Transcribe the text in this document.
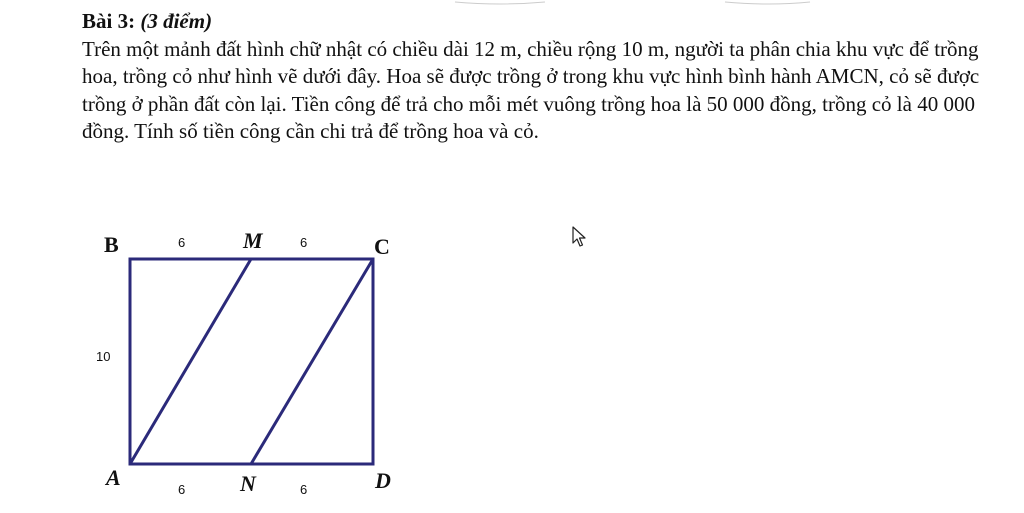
Bài 3: (3 điểm)

Trên một mảnh đất hình chữ nhật có chiều dài 12 m, chiều rộng 10 m, người ta phân chia khu vực để trồng hoa, trồng cỏ như hình vẽ dưới đây. Hoa sẽ được trồng ở trong khu vực hình bình hành AMCN, cỏ sẽ được trồng ở phần đất còn lại. Tiền công để trả cho mỗi mét vuông trồng hoa là 50 000 đồng, trồng cỏ là 40 000 đồng. Tính số tiền công cần chi trả để trồng hoa và cỏ.

B	M	C
A	N	D
6	6
10
6	6
